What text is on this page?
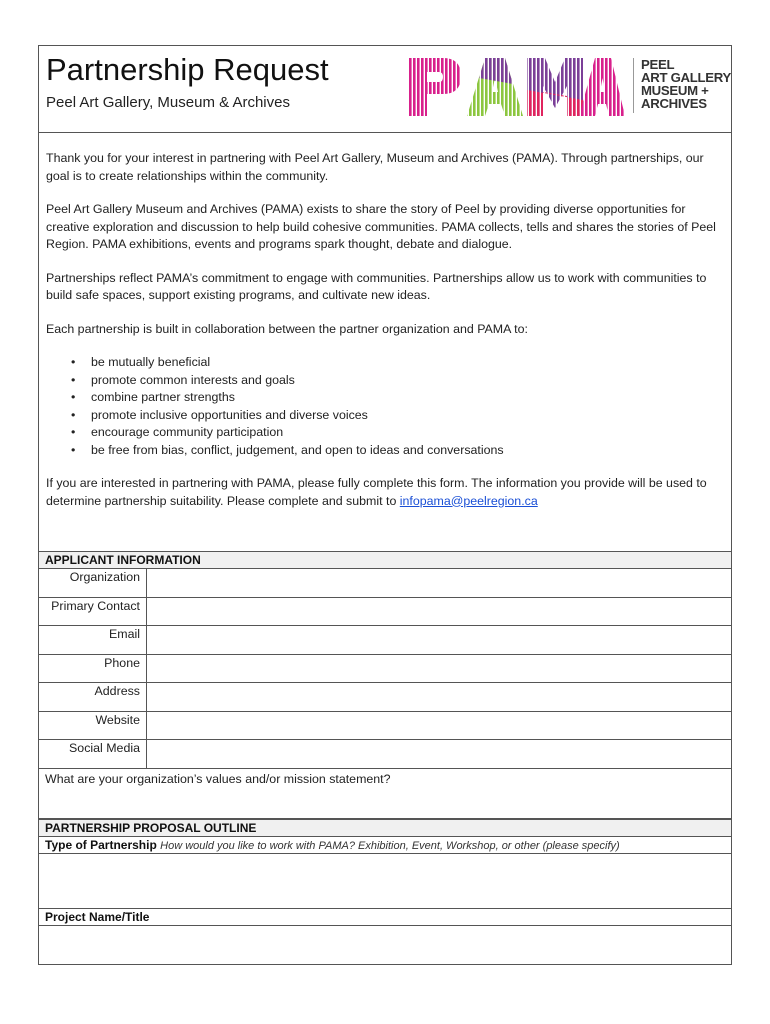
Partnership Request
Peel Art Gallery, Museum & Archives
PEEL
ART GALLERY
MUSEUM +
ARCHIVES

Thank you for your interest in partnering with Peel Art Gallery, Museum and Archives (PAMA). Through partnerships, our goal is to create relationships within the community.

Peel Art Gallery Museum and Archives (PAMA) exists to share the story of Peel by providing diverse opportunities for creative exploration and discussion to help build cohesive communities. PAMA collects, tells and shares the stories of Peel Region. PAMA exhibitions, events and programs spark thought, debate and dialogue.

Partnerships reflect PAMA’s commitment to engage with communities. Partnerships allow us to work with communities to build safe spaces, support existing programs, and cultivate new ideas.

Each partnership is built in collaboration between the partner organization and PAMA to:

• be mutually beneficial
• promote common interests and goals
• combine partner strengths
• promote inclusive opportunities and diverse voices
• encourage community participation
• be free from bias, conflict, judgement, and open to ideas and conversations

If you are interested in partnering with PAMA, please fully complete this form. The information you provide will be used to determine partnership suitability. Please complete and submit to infopama@peelregion.ca

APPLICANT INFORMATION
Organization
Primary Contact
Email
Phone
Address
Website
Social Media
What are your organization’s values and/or mission statement?
PARTNERSHIP PROPOSAL OUTLINE
Type of Partnership How would you like to work with PAMA? Exhibition, Event, Workshop, or other (please specify)
Project Name/Title
